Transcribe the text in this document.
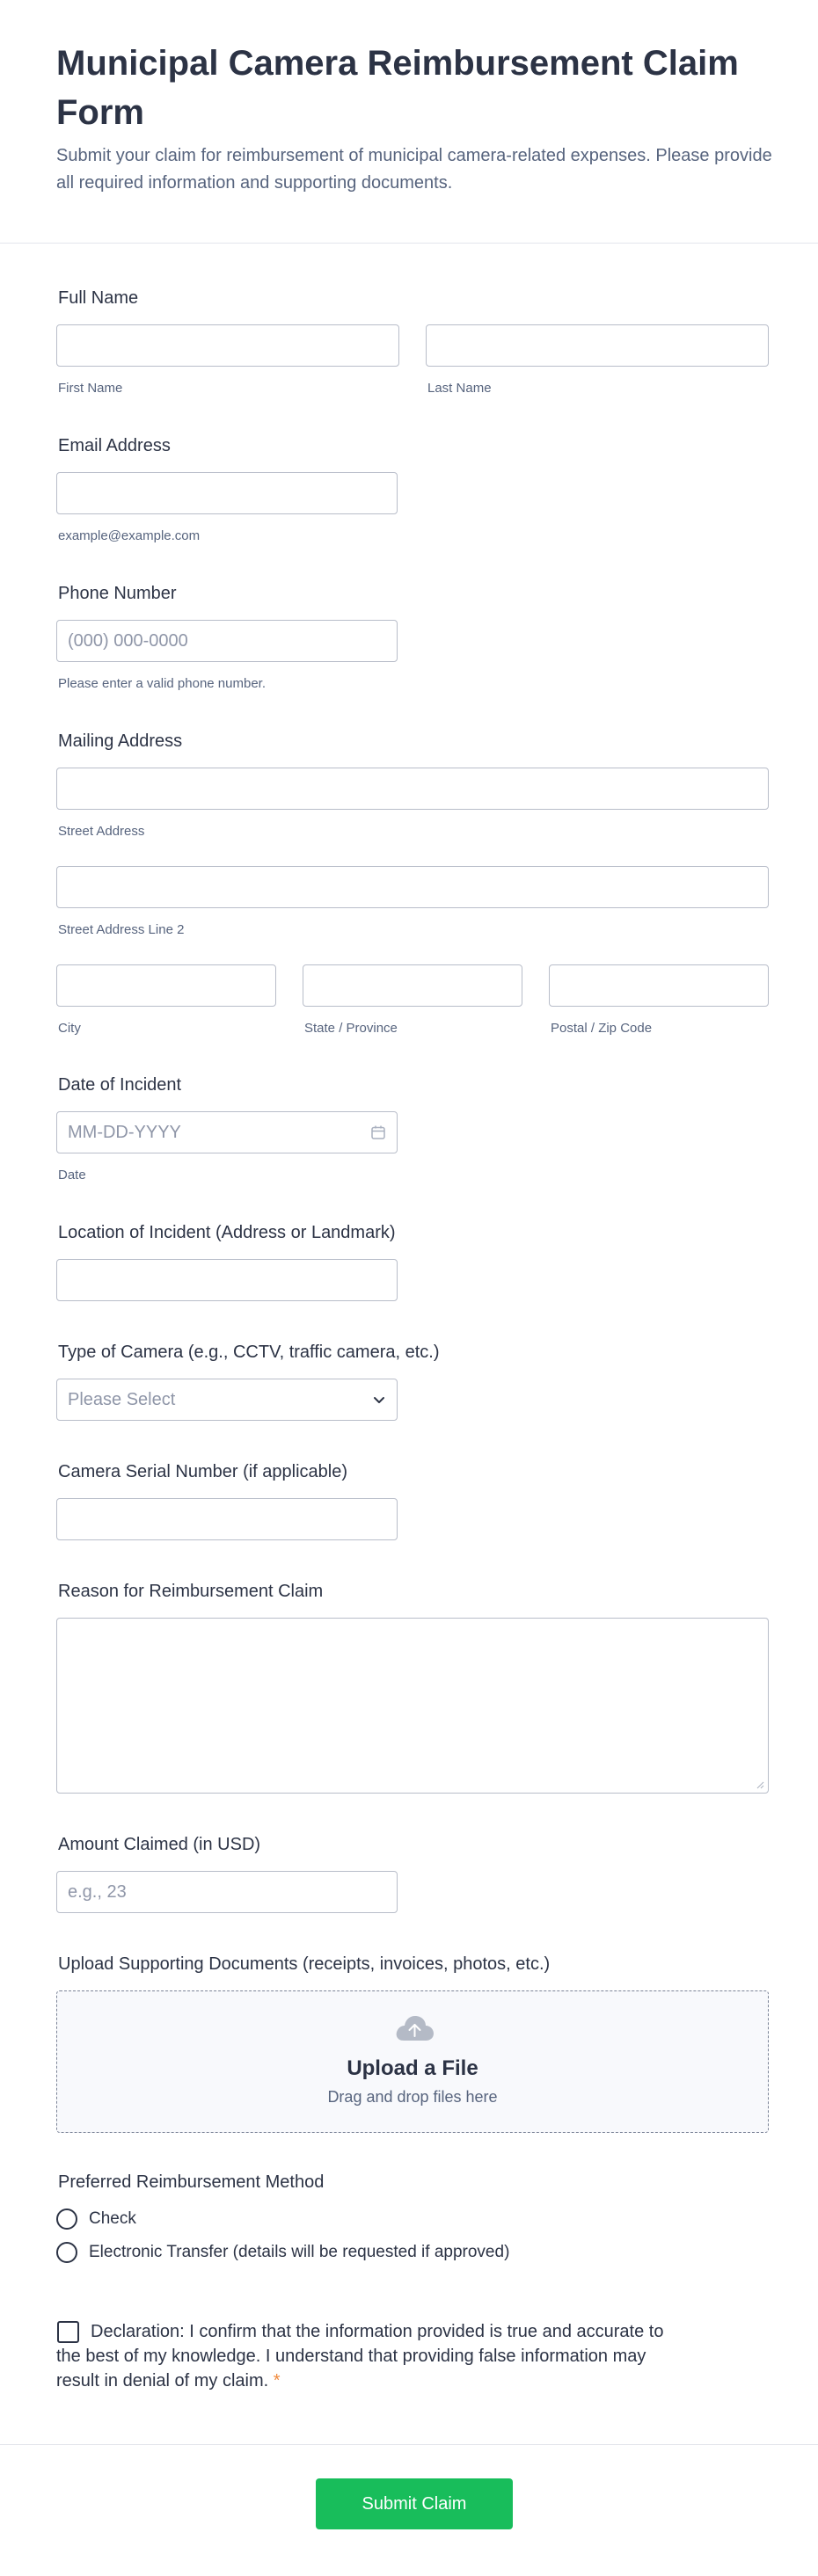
Municipal Camera Reimbursement Claim Form
Submit your claim for reimbursement of municipal camera-related expenses. Please provide all required information and supporting documents.
Full Name
First Name	Last Name
Email Address
example@example.com
Phone Number
(000) 000-0000
Please enter a valid phone number.
Mailing Address
Street Address
Street Address Line 2
City	State / Province	Postal / Zip Code
Date of Incident
MM-DD-YYYY
Date
Location of Incident (Address or Landmark)
Type of Camera (e.g., CCTV, traffic camera, etc.)
Please Select
Camera Serial Number (if applicable)
Reason for Reimbursement Claim
Amount Claimed (in USD)
e.g., 23
Upload Supporting Documents (receipts, invoices, photos, etc.)
Upload a File
Drag and drop files here
Preferred Reimbursement Method
Check
Electronic Transfer (details will be requested if approved)
Declaration: I confirm that the information provided is true and accurate to the best of my knowledge. I understand that providing false information may result in denial of my claim. *
Submit Claim
